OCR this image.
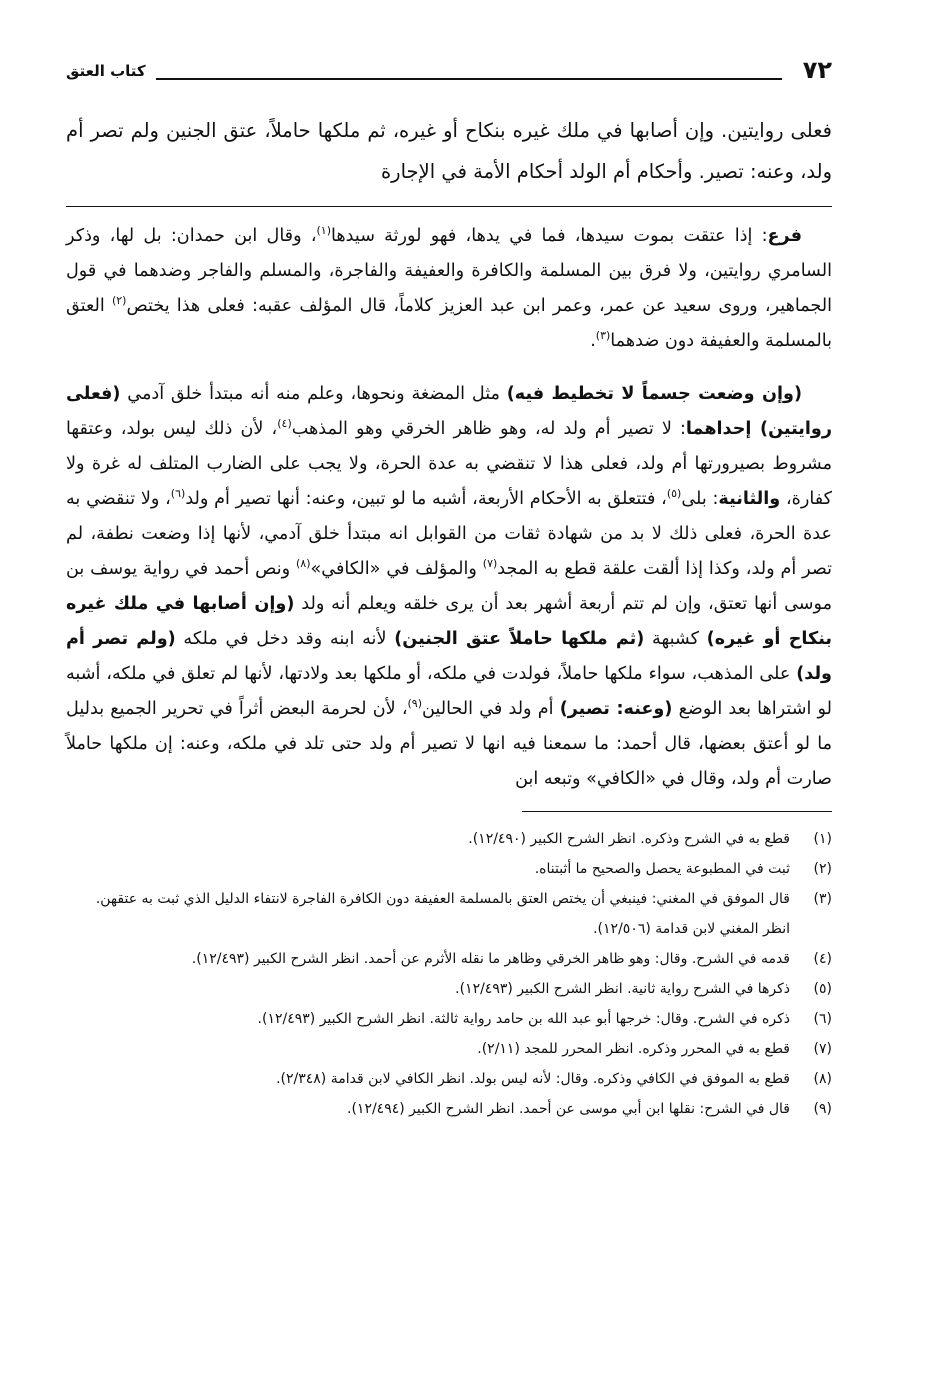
٧٢
كتاب العتق
فعلى روايتين. وإن أصابها في ملك غيره بنكاح أو غيره، ثم ملكها حاملاً، عتق الجنين ولم تصر أم ولد، وعنه: تصير. وأحكام أم الولد أحكام الأمة في الإجارة

فرع: إذا عتقت بموت سيدها، فما في يدها، فهو لورثة سيدها$^{(١)}$، وقال ابن حمدان: بل لها، وذكر السامري روايتين، ولا فرق بين المسلمة والكافرة والعفيفة والفاجرة، والمسلم والفاجر وضدهما في قول الجماهير، وروى سعيد عن عمر، وعمر ابن عبد العزيز كلاماً، قال المؤلف عقبه: فعلى هذا يختص$^{(٢)}$ العتق بالمسلمة والعفيفة دون ضدهما$^{(٣)}$.

(وإن وضعت جسماً لا تخطيط فيه) مثل المضغة ونحوها، وعلم منه أنه مبتدأ خلق آدمي (فعلى روايتين) إحداهما: لا تصير أم ولد له، وهو ظاهر الخرقي وهو المذهب$^{(٤)}$، لأن ذلك ليس بولد، وعتقها مشروط بصيرورتها أم ولد، فعلى هذا لا تنقضي به عدة الحرة، ولا يجب على الضارب المتلف له غرة ولا كفارة، والثانية: بلى$^{(٥)}$، فتتعلق به الأحكام الأربعة، أشبه ما لو تبين، وعنه: أنها تصير أم ولد$^{(٦)}$، ولا تنقضي به عدة الحرة، فعلى ذلك لا بد من شهادة ثقات من القوابل انه مبتدأ خلق آدمي، لأنها إذا وضعت نطفة، لم تصر أم ولد، وكذا إذا ألقت علقة قطع به المجد$^{(٧)}$ والمؤلف في «الكافي»$^{(٨)}$ ونص أحمد في رواية يوسف بن موسى أنها تعتق، وإن لم تتم أربعة أشهر بعد أن يرى خلقه ويعلم أنه ولد (وإن أصابها في ملك غيره بنكاح أو غيره) كشبهة (ثم ملكها حاملاً عتق الجنين) لأنه ابنه وقد دخل في ملكه (ولم تصر أم ولد) على المذهب، سواء ملكها حاملاً، فولدت في ملكه، أو ملكها بعد ولادتها، لأنها لم تعلق في ملكه، أشبه لو اشتراها بعد الوضع (وعنه: تصير) أم ولد في الحالين$^{(٩)}$، لأن لحرمة البعض أثراً في تحرير الجميع بدليل ما لو أعتق بعضها، قال أحمد: ما سمعنا فيه انها لا تصير أم ولد حتى تلد في ملكه، وعنه: إن ملكها حاملاً صارت أم ولد، وقال في «الكافي» وتبعه ابن

(١)
قطع به في الشرح وذكره. انظر الشرح الكبير (١٢/٤٩٠).

(٢)
ثبت في المطبوعة يحصل والصحيح ما أثبتناه.

(٣)
قال الموفق في المغني: فينبغي أن يختص العتق بالمسلمة العفيفة دون الكافرة الفاجرة لانتفاء الدليل الذي ثبت به عتقهن. انظر المغني لابن قدامة (١٢/٥٠٦).

(٤)
قدمه في الشرح. وقال: وهو ظاهر الخرقي وظاهر ما نقله الأثرم عن أحمد. انظر الشرح الكبير (١٢/٤٩٣).

(٥)
ذكرها في الشرح رواية ثانية. انظر الشرح الكبير (١٢/٤٩٣).

(٦)
ذكره في الشرح. وقال: خرجها أبو عبد الله بن حامد رواية ثالثة. انظر الشرح الكبير (١٢/٤٩٣).

(٧)
قطع به في المحرر وذكره. انظر المحرر للمجد (٢/١١).

(٨)
قطع به الموفق في الكافي وذكره. وقال: لأنه ليس بولد. انظر الكافي لابن قدامة (٢/٣٤٨).

(٩)
قال في الشرح: نقلها ابن أبي موسى عن أحمد. انظر الشرح الكبير (١٢/٤٩٤).
